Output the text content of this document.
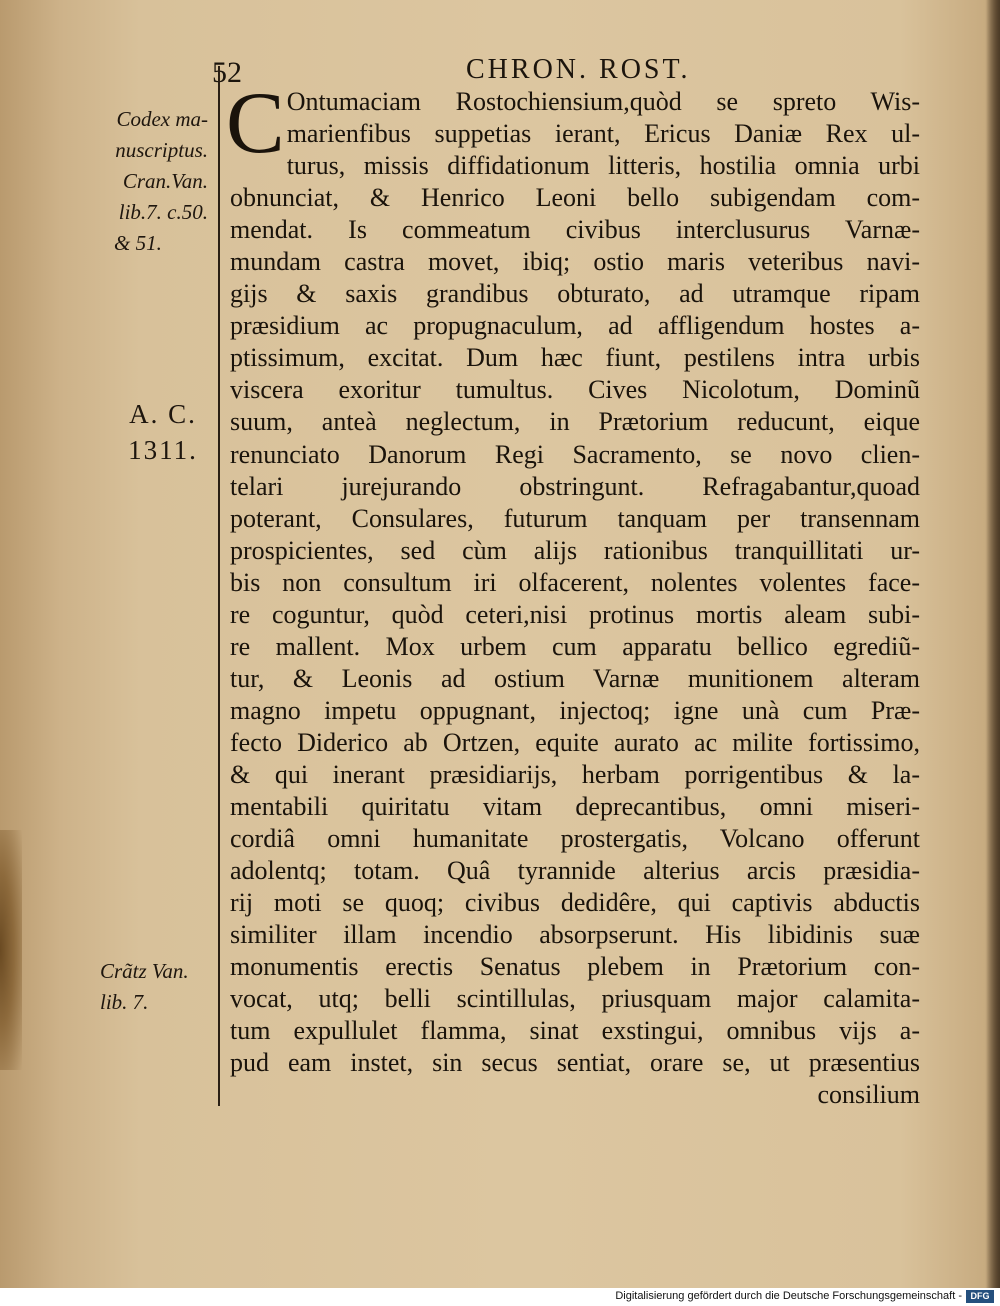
52	CHRON. ROST.
Codex ma-
nuscriptus.
Cran.Van.
lib.7. c.50.
& 51.
A. C.
1311.
Crãtz Van.
lib. 7.
C Ontumaciam Rostochiensium,quòd se spreto Wis-
marienfibus suppetias ierant, Ericus Daniæ Rex ul-
turus, missis diffidationum litteris, hostilia omnia urbi
obnunciat, & Henrico Leoni bello subigendam com-
mendat. Is commeatum civibus interclusurus Varnæ-
mundam castra movet, ibiq; ostio maris veteribus navi-
gijs & saxis grandibus obturato, ad utramque ripam
præsidium ac propugnaculum, ad affligendum hostes a-
ptissimum, excitat. Dum hæc fiunt, pestilens intra urbis
viscera exoritur tumultus. Cives Nicolotum, Dominũ
suum, anteà neglectum, in Prætorium reducunt, eique
renunciato Danorum Regi Sacramento, se novo clien-
telari jurejurando obstringunt. Refragabantur,quoad
poterant, Consulares, futurum tanquam per transennam
prospicientes, sed cùm alijs rationibus tranquillitati ur-
bis non consultum iri olfacerent, nolentes volentes face-
re coguntur, quòd ceteri,nisi protinus mortis aleam subi-
re mallent. Mox urbem cum apparatu bellico egrediũ-
tur, & Leonis ad ostium Varnæ munitionem alteram
magno impetu oppugnant, injectoq; igne unà cum Præ-
fecto Diderico ab Ortzen, equite aurato ac milite fortissimo,
& qui inerant præsidiarijs, herbam porrigentibus & la-
mentabili quiritatu vitam deprecantibus, omni miseri-
cordiâ omni humanitate prostergatis, Volcano offerunt
adolentq; totam. Quâ tyrannide alterius arcis præsidia-
rij moti se quoq; civibus dedidêre, qui captivis abductis
similiter illam incendio absorpserunt. His libidinis suæ
monumentis erectis Senatus plebem in Prætorium con-
vocat, utq; belli scintillulas, priusquam major calamita-
tum expullulet flamma, sinat exstingui, omnibus vijs a-
pud eam instet, sin secus sentiat, orare se, ut præsentius
consilium
Digitalisierung gefördert durch die Deutsche Forschungsgemeinschaft - DFG
